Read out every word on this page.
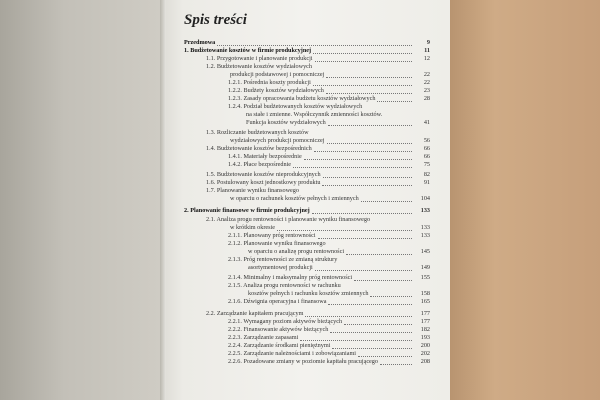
Spis treści
Przedmowa	9
1. Budżetowanie kosztów w firmie produkcyjnej	11
1.1. Przygotowanie i planowanie produkcji	12
1.2. Budżetowanie kosztów wydziałowych
produkcji podstawowej i pomocniczej	22
1.2.1. Pośrednia koszty produkcji	22
1.2.2. Budżety kosztów wydziałowych	23
1.2.3. Zasady opracowania budżetu kosztów wydziałowych	28
1.2.4. Podział budżetowanych kosztów wydziałowych
na stałe i zmienne. Współczynnik zmienności kosztów.
Funkcja kosztów wydziałowych	41
1.3. Rozliczanie budżetowanych kosztów
wydziałowych produkcji pomocniczej	56
1.4. Budżetowanie kosztów bezpośrednich	66
1.4.1. Materiały bezpośrednie	66
1.4.2. Płace bezpośrednie	75
1.5. Budżetowanie kosztów nieprodukcyjnych	82
1.6. Postulowany koszt jednostkowy produktu	91
1.7. Planowanie wyniku finansowego
w oparciu o rachunek kosztów pełnych i zmiennych	104
2. Planowanie finansowe w firmie produkcyjnej	133
2.1. Analiza progu rentowności i planowanie wyniku finansowego
w krótkim okresie	133
2.1.1. Planowany próg rentowności	133
2.1.2. Planowanie wyniku finansowego
w oparciu o analizę progu rentowności	145
2.1.3. Próg rentowności ze zmianą struktury
asortymentowej produkcji	149
2.1.4. Minimalny i maksymalny próg rentowności	155
2.1.5. Analiza progu rentowności w rachunku
kosztów pełnych i rachunku kosztów zmiennych	158
2.1.6. Dźwignia operacyjna i finansowa	165
2.2. Zarządzanie kapitałem pracującym	177
2.2.1. Wymagany poziom aktywów bieżących	177
2.2.2. Finansowanie aktywów bieżących	182
2.2.3. Zarządzanie zapasami	193
2.2.4. Zarządzanie środkami pieniężnymi	200
2.2.5. Zarządzanie należnościami i zobowiązaniami	202
2.2.6. Pozadowane zmiany w poziomie kapitału pracującego	208
